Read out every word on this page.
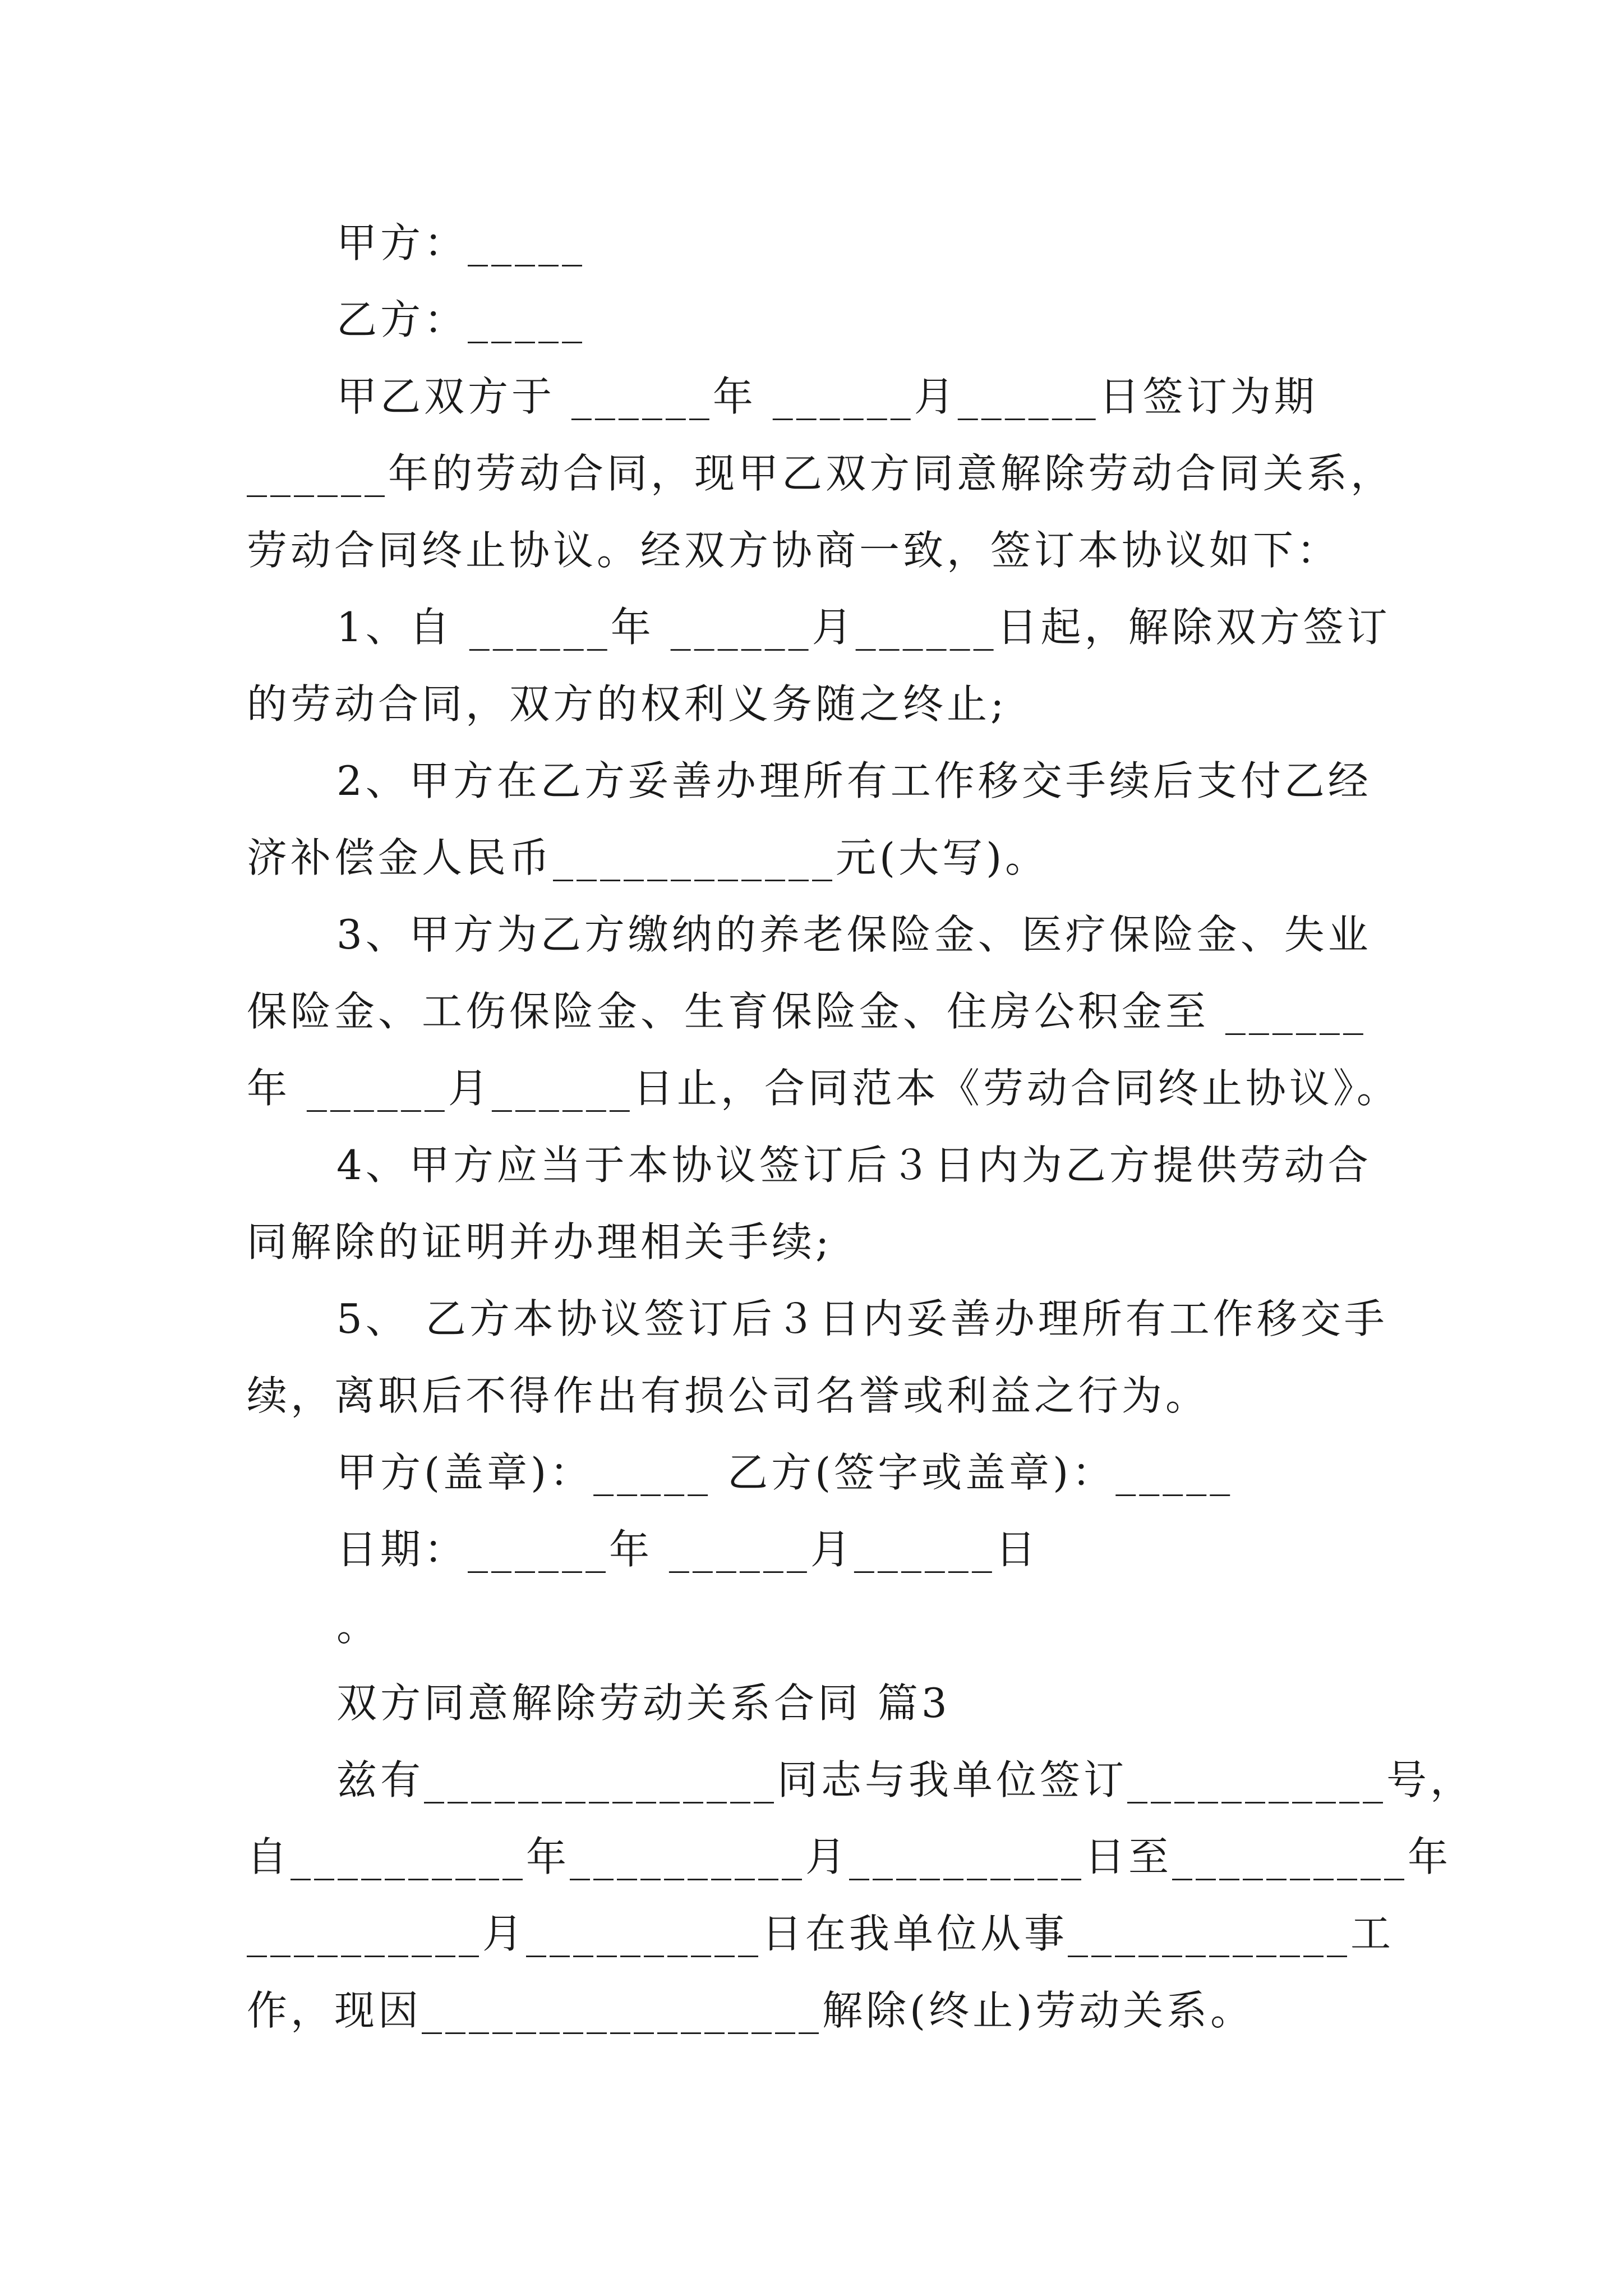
甲方：_____
乙方：_____
甲乙双方于 ______年 ______月______日签订为期
______年的劳动合同，现甲乙双方同意解除劳动合同关系，
劳动合同终止协议。经双方协商一致，签订本协议如下：
1、自 ______年 ______月______日起，解除双方签订
的劳动合同，双方的权利义务随之终止;
2、甲方在乙方妥善办理所有工作移交手续后支付乙经
济补偿金人民币____________元(大写)。
3、甲方为乙方缴纳的养老保险金、医疗保险金、失业
保险金、工伤保险金、生育保险金、住房公积金至 ______
年 ______月______日止，合同范本《劳动合同终止协议》。
4、甲方应当于本协议签订后３日内为乙方提供劳动合
同解除的证明并办理相关手续;
5、 乙方本协议签订后３日内妥善办理所有工作移交手
续，离职后不得作出有损公司名誉或利益之行为。
甲方(盖章)：_____ 乙方(签字或盖章)：_____
日期：______年 ______月______日
。
双方同意解除劳动关系合同 篇3
兹有_______________同志与我单位签订___________号，
自__________年__________月__________日至__________年
__________月__________日在我单位从事____________工
作，现因_________________解除(终止)劳动关系。
